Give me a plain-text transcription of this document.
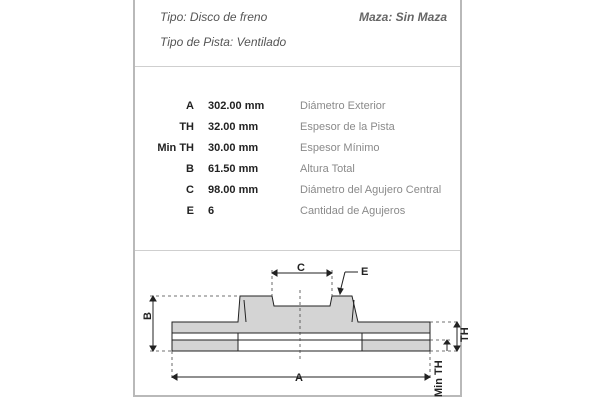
Tipo: Disco de freno	Maza: Sin Maza
Tipo de Pista: Ventilado
A 302.00 mm	Diámetro Exterior
TH 32.00 mm	Espesor de la Pista
Min TH 30.00 mm	Espesor Mínimo
B 61.50 mm	Altura Total
C 98.00 mm	Diámetro del Agujero Central
E 6	Cantidad de Agujeros
C	E
A
B
TH
Min TH
